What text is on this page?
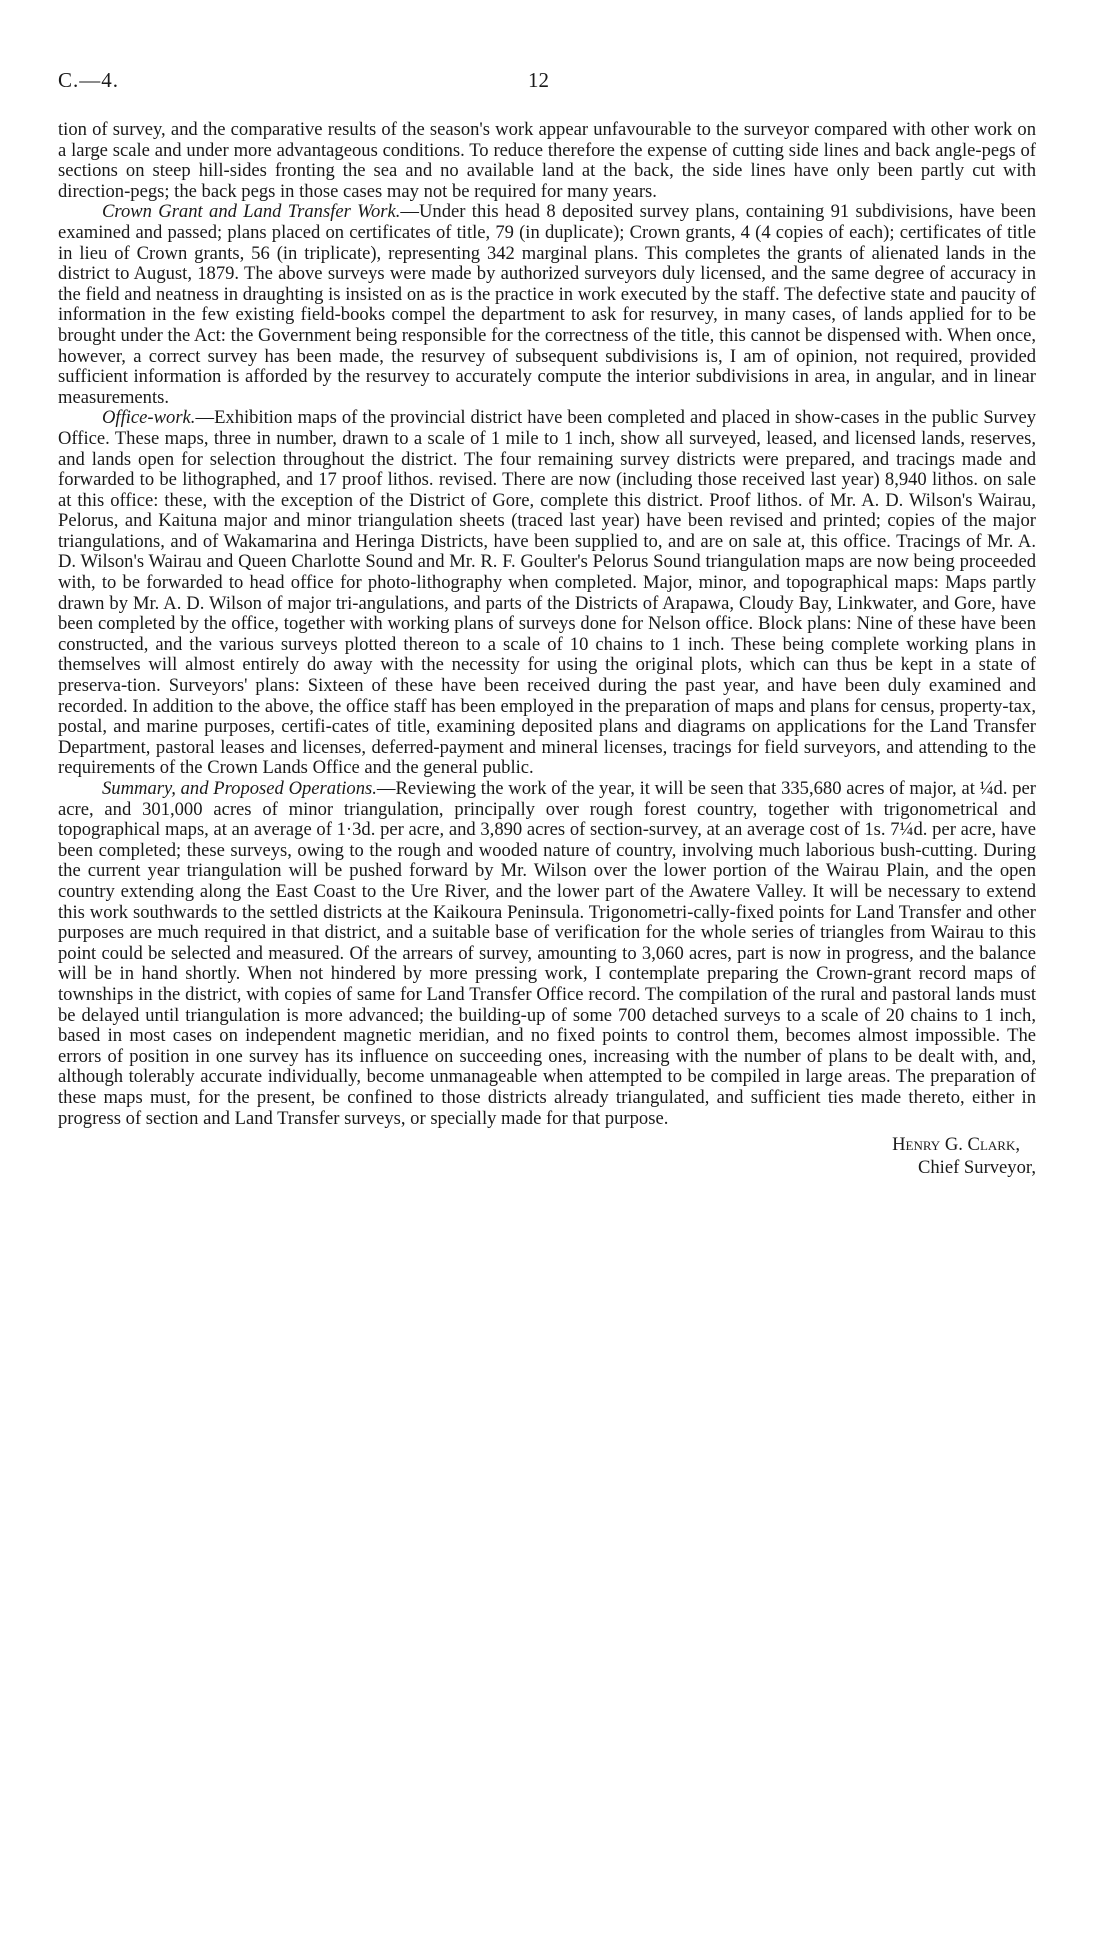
C.—4.	12

tion of survey, and the comparative results of the season's work appear unfavourable to the surveyor compared with other work on a large scale and under more advantageous conditions. To reduce therefore the expense of cutting side lines and back angle-pegs of sections on steep hill-sides fronting the sea and no available land at the back, the side lines have only been partly cut with direction-pegs; the back pegs in those cases may not be required for many years.

Crown Grant and Land Transfer Work.—Under this head 8 deposited survey plans, containing 91 subdivisions, have been examined and passed; plans placed on certificates of title, 79 (in duplicate); Crown grants, 4 (4 copies of each); certificates of title in lieu of Crown grants, 56 (in triplicate), representing 342 marginal plans. This completes the grants of alienated lands in the district to August, 1879. The above surveys were made by authorized surveyors duly licensed, and the same degree of accuracy in the field and neatness in draughting is insisted on as is the practice in work executed by the staff. The defective state and paucity of information in the few existing field-books compel the department to ask for resurvey, in many cases, of lands applied for to be brought under the Act: the Government being responsible for the correctness of the title, this cannot be dispensed with. When once, however, a correct survey has been made, the resurvey of subsequent subdivisions is, I am of opinion, not required, provided sufficient information is afforded by the resurvey to accurately compute the interior subdivisions in area, in angular, and in linear measurements.

Office-work.—Exhibition maps of the provincial district have been completed and placed in show-cases in the public Survey Office. These maps, three in number, drawn to a scale of 1 mile to 1 inch, show all surveyed, leased, and licensed lands, reserves, and lands open for selection throughout the district. The four remaining survey districts were prepared, and tracings made and forwarded to be lithographed, and 17 proof lithos. revised. There are now (including those received last year) 8,940 lithos. on sale at this office: these, with the exception of the District of Gore, complete this district. Proof lithos. of Mr. A. D. Wilson's Wairau, Pelorus, and Kaituna major and minor triangulation sheets (traced last year) have been revised and printed; copies of the major triangulations, and of Wakamarina and Heringa Districts, have been supplied to, and are on sale at, this office. Tracings of Mr. A. D. Wilson's Wairau and Queen Charlotte Sound and Mr. R. F. Goulter's Pelorus Sound triangulation maps are now being proceeded with, to be forwarded to head office for photo-lithography when completed. Major, minor, and topographical maps: Maps partly drawn by Mr. A. D. Wilson of major tri-angulations, and parts of the Districts of Arapawa, Cloudy Bay, Linkwater, and Gore, have been completed by the office, together with working plans of surveys done for Nelson office. Block plans: Nine of these have been constructed, and the various surveys plotted thereon to a scale of 10 chains to 1 inch. These being complete working plans in themselves will almost entirely do away with the necessity for using the original plots, which can thus be kept in a state of preserva-tion. Surveyors' plans: Sixteen of these have been received during the past year, and have been duly examined and recorded. In addition to the above, the office staff has been employed in the preparation of maps and plans for census, property-tax, postal, and marine purposes, certifi-cates of title, examining deposited plans and diagrams on applications for the Land Transfer Department, pastoral leases and licenses, deferred-payment and mineral licenses, tracings for field surveyors, and attending to the requirements of the Crown Lands Office and the general public.

Summary, and Proposed Operations.—Reviewing the work of the year, it will be seen that 335,680 acres of major, at ¼d. per acre, and 301,000 acres of minor triangulation, principally over rough forest country, together with trigonometrical and topographical maps, at an average of 1·3d. per acre, and 3,890 acres of section-survey, at an average cost of 1s. 7¼d. per acre, have been completed; these surveys, owing to the rough and wooded nature of country, involving much laborious bush-cutting. During the current year triangulation will be pushed forward by Mr. Wilson over the lower portion of the Wairau Plain, and the open country extending along the East Coast to the Ure River, and the lower part of the Awatere Valley. It will be necessary to extend this work southwards to the settled districts at the Kaikoura Peninsula. Trigonometri-cally-fixed points for Land Transfer and other purposes are much required in that district, and a suitable base of verification for the whole series of triangles from Wairau to this point could be selected and measured. Of the arrears of survey, amounting to 3,060 acres, part is now in progress, and the balance will be in hand shortly. When not hindered by more pressing work, I contemplate preparing the Crown-grant record maps of townships in the district, with copies of same for Land Transfer Office record. The compilation of the rural and pastoral lands must be delayed until triangulation is more advanced; the building-up of some 700 detached surveys to a scale of 20 chains to 1 inch, based in most cases on independent magnetic meridian, and no fixed points to control them, becomes almost impossible. The errors of position in one survey has its influence on succeeding ones, increasing with the number of plans to be dealt with, and, although tolerably accurate individually, become unmanageable when attempted to be compiled in large areas. The preparation of these maps must, for the present, be confined to those districts already triangulated, and sufficient ties made thereto, either in progress of section and Land Transfer surveys, or specially made for that purpose.

Henry G. Clark,
Chief Surveyor,
